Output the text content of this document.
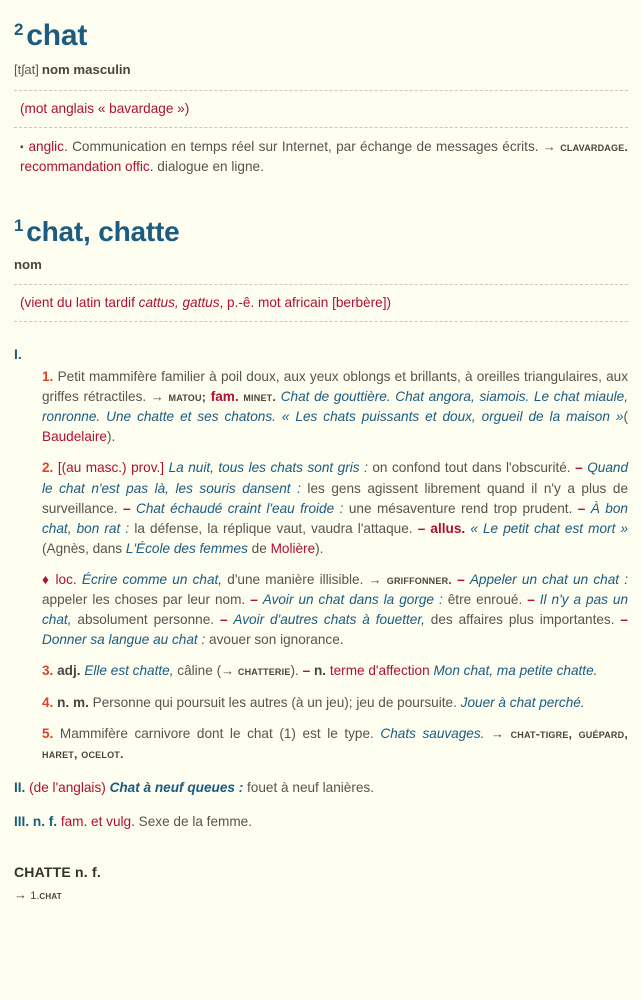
2 chat
[tʃat] nom masculin
(mot anglais « bavardage »)
▪ anglic. Communication en temps réel sur Internet, par échange de messages écrits. → clavardage. recommandation offic. dialogue en ligne.
1 chat, chatte
nom
(vient du latin tardif cattus, gattus, p.-ê. mot africain [berbère])
I.

1. Petit mammifère familier à poil doux, aux yeux oblongs et brillants, à oreilles triangulaires, aux griffes rétractiles. → matou; fam. minet. Chat de gouttière. Chat angora, siamois. Le chat miaule, ronronne. Une chatte et ses chatons. « Les chats puissants et doux, orgueil de la maison »( Baudelaire).

2. [(au masc.) prov.] La nuit, tous les chats sont gris : on confond tout dans l'obscurité. – Quand le chat n'est pas là, les souris dansent : les gens agissent librement quand il n'y a plus de surveillance. – Chat échaudé craint l'eau froide : une mésaventure rend trop prudent. – À bon chat, bon rat : la défense, la réplique vaut, vaudra l'attaque. – allus. « Le petit chat est mort » (Agnès, dans L'École des femmes de Molière).

♦ loc. Écrire comme un chat, d'une manière illisible. → griffonner. – Appeler un chat un chat : appeler les choses par leur nom. – Avoir un chat dans la gorge : être enroué. – Il n'y a pas un chat, absolument personne. – Avoir d'autres chats à fouetter, des affaires plus importantes. – Donner sa langue au chat : avouer son ignorance.

3. adj. Elle est chatte, câline (→ chatterie). – n. terme d'affection Mon chat, ma petite chatte.

4. n. m. Personne qui poursuit les autres (à un jeu); jeu de poursuite. Jouer à chat perché.

5. Mammifère carnivore dont le chat (1) est le type. Chats sauvages. → chat-tigre, guépard, haret, ocelot.

II. (de l'anglais) Chat à neuf queues : fouet à neuf lanières.

III. n. f. fam. et vulg. Sexe de la femme.

CHATTE n. f.
→ 1.chat
